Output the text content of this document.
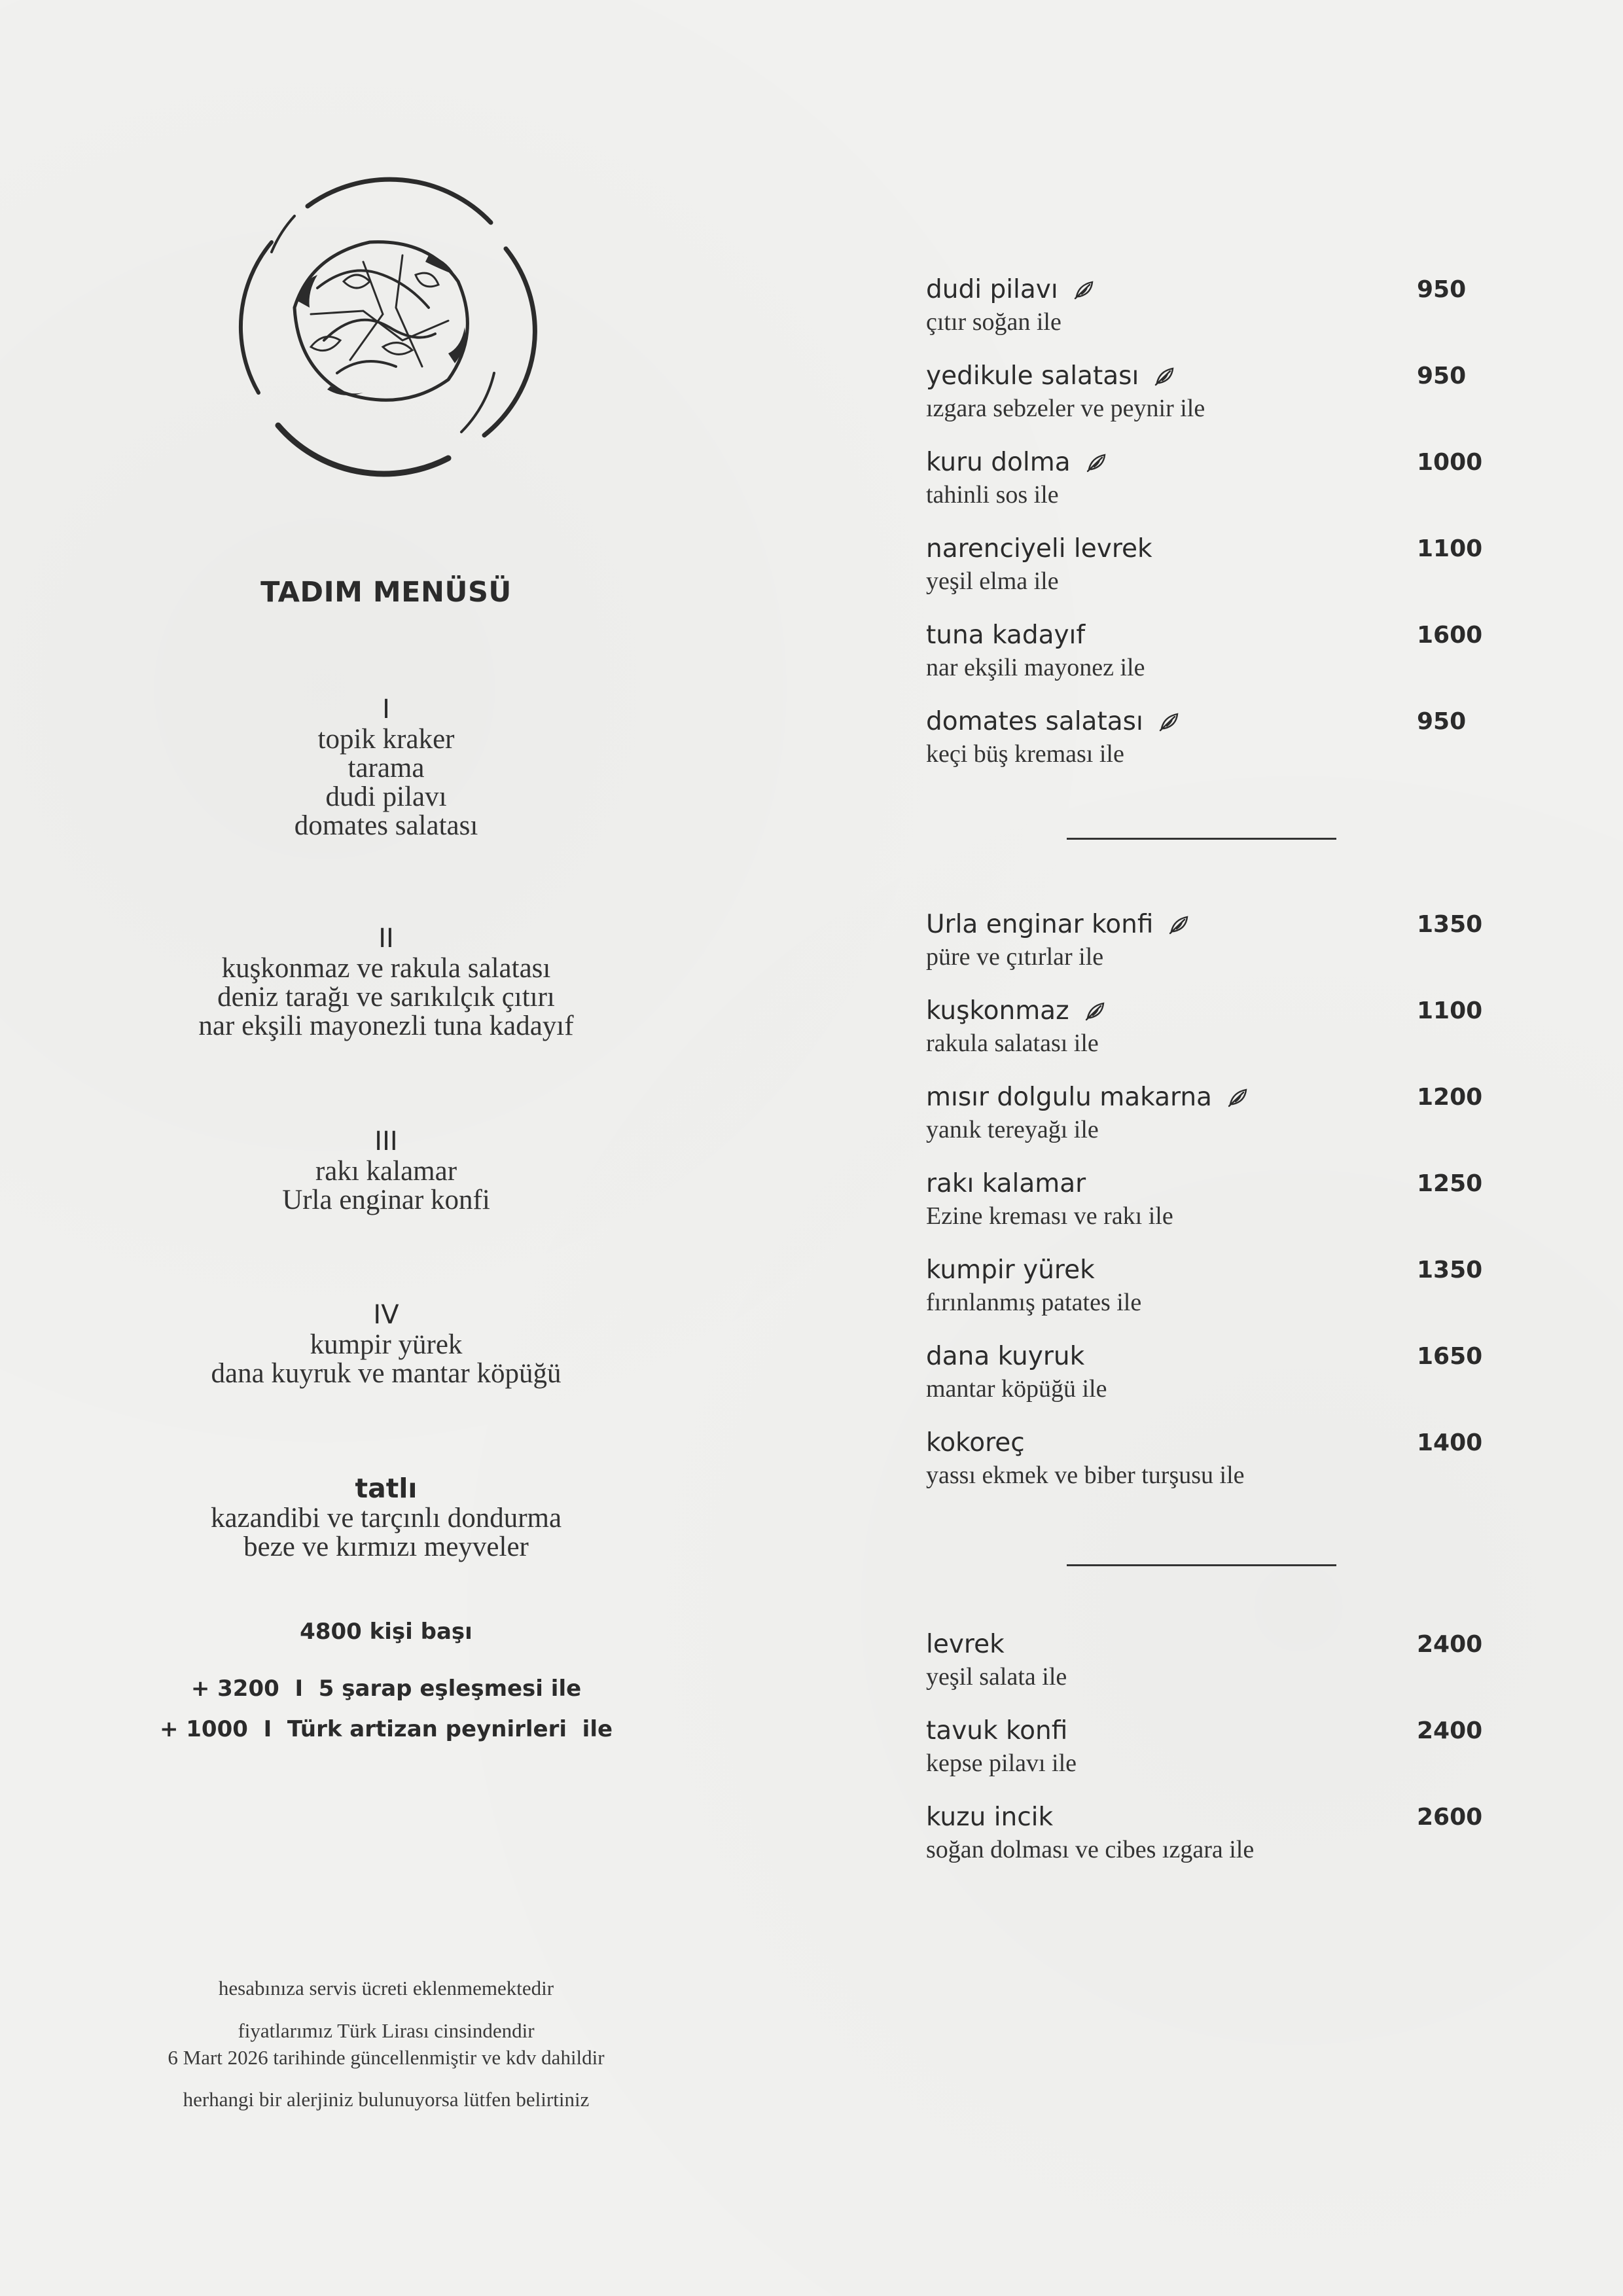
TADIM MENÜSÜ
I
topik kraker
tarama
dudi pilavı
domates salatası
II
kuşkonmaz ve rakula salatası
deniz tarağı ve sarıkılçık çıtırı
nar ekşili mayonezli tuna kadayıf
III
rakı kalamar
Urla enginar konfi
IV
kumpir yürek
dana kuyruk ve mantar köpüğü
tatlı
kazandibi ve tarçınlı dondurma
beze ve kırmızı meyveler
4800 kişi başı
+ 3200  I  5 şarap eşleşmesi ile
+ 1000  I  Türk artizan peynirleri  ile
hesabınıza servis ücreti eklenmemektedir
fiyatlarımız Türk Lirası cinsindendir
6 Mart 2026 tarihinde güncellenmiştir ve kdv dahildir
herhangi bir alerjiniz bulunuyorsa lütfen belirtiniz
dudi pilavı
çıtır soğan ile
950
yedikule salatası
ızgara sebzeler ve peynir ile
950
kuru dolma
tahinli sos ile
1000
narenciyeli levrek
yeşil elma ile
1100
tuna kadayıf
nar ekşili mayonez ile
1600
domates salatası
keçi büş kreması ile
950
Urla enginar konfi
püre ve çıtırlar ile
1350
kuşkonmaz
rakula salatası ile
1100
mısır dolgulu makarna
yanık tereyağı ile
1200
rakı kalamar
Ezine kreması ve rakı ile
1250
kumpir yürek
fırınlanmış patates ile
1350
dana kuyruk
mantar köpüğü ile
1650
kokoreç
yassı ekmek ve biber turşusu ile
1400
levrek
yeşil salata ile
2400
tavuk konfi
kepse pilavı ile
2400
kuzu incik
soğan dolması ve cibes ızgara ile
2600
